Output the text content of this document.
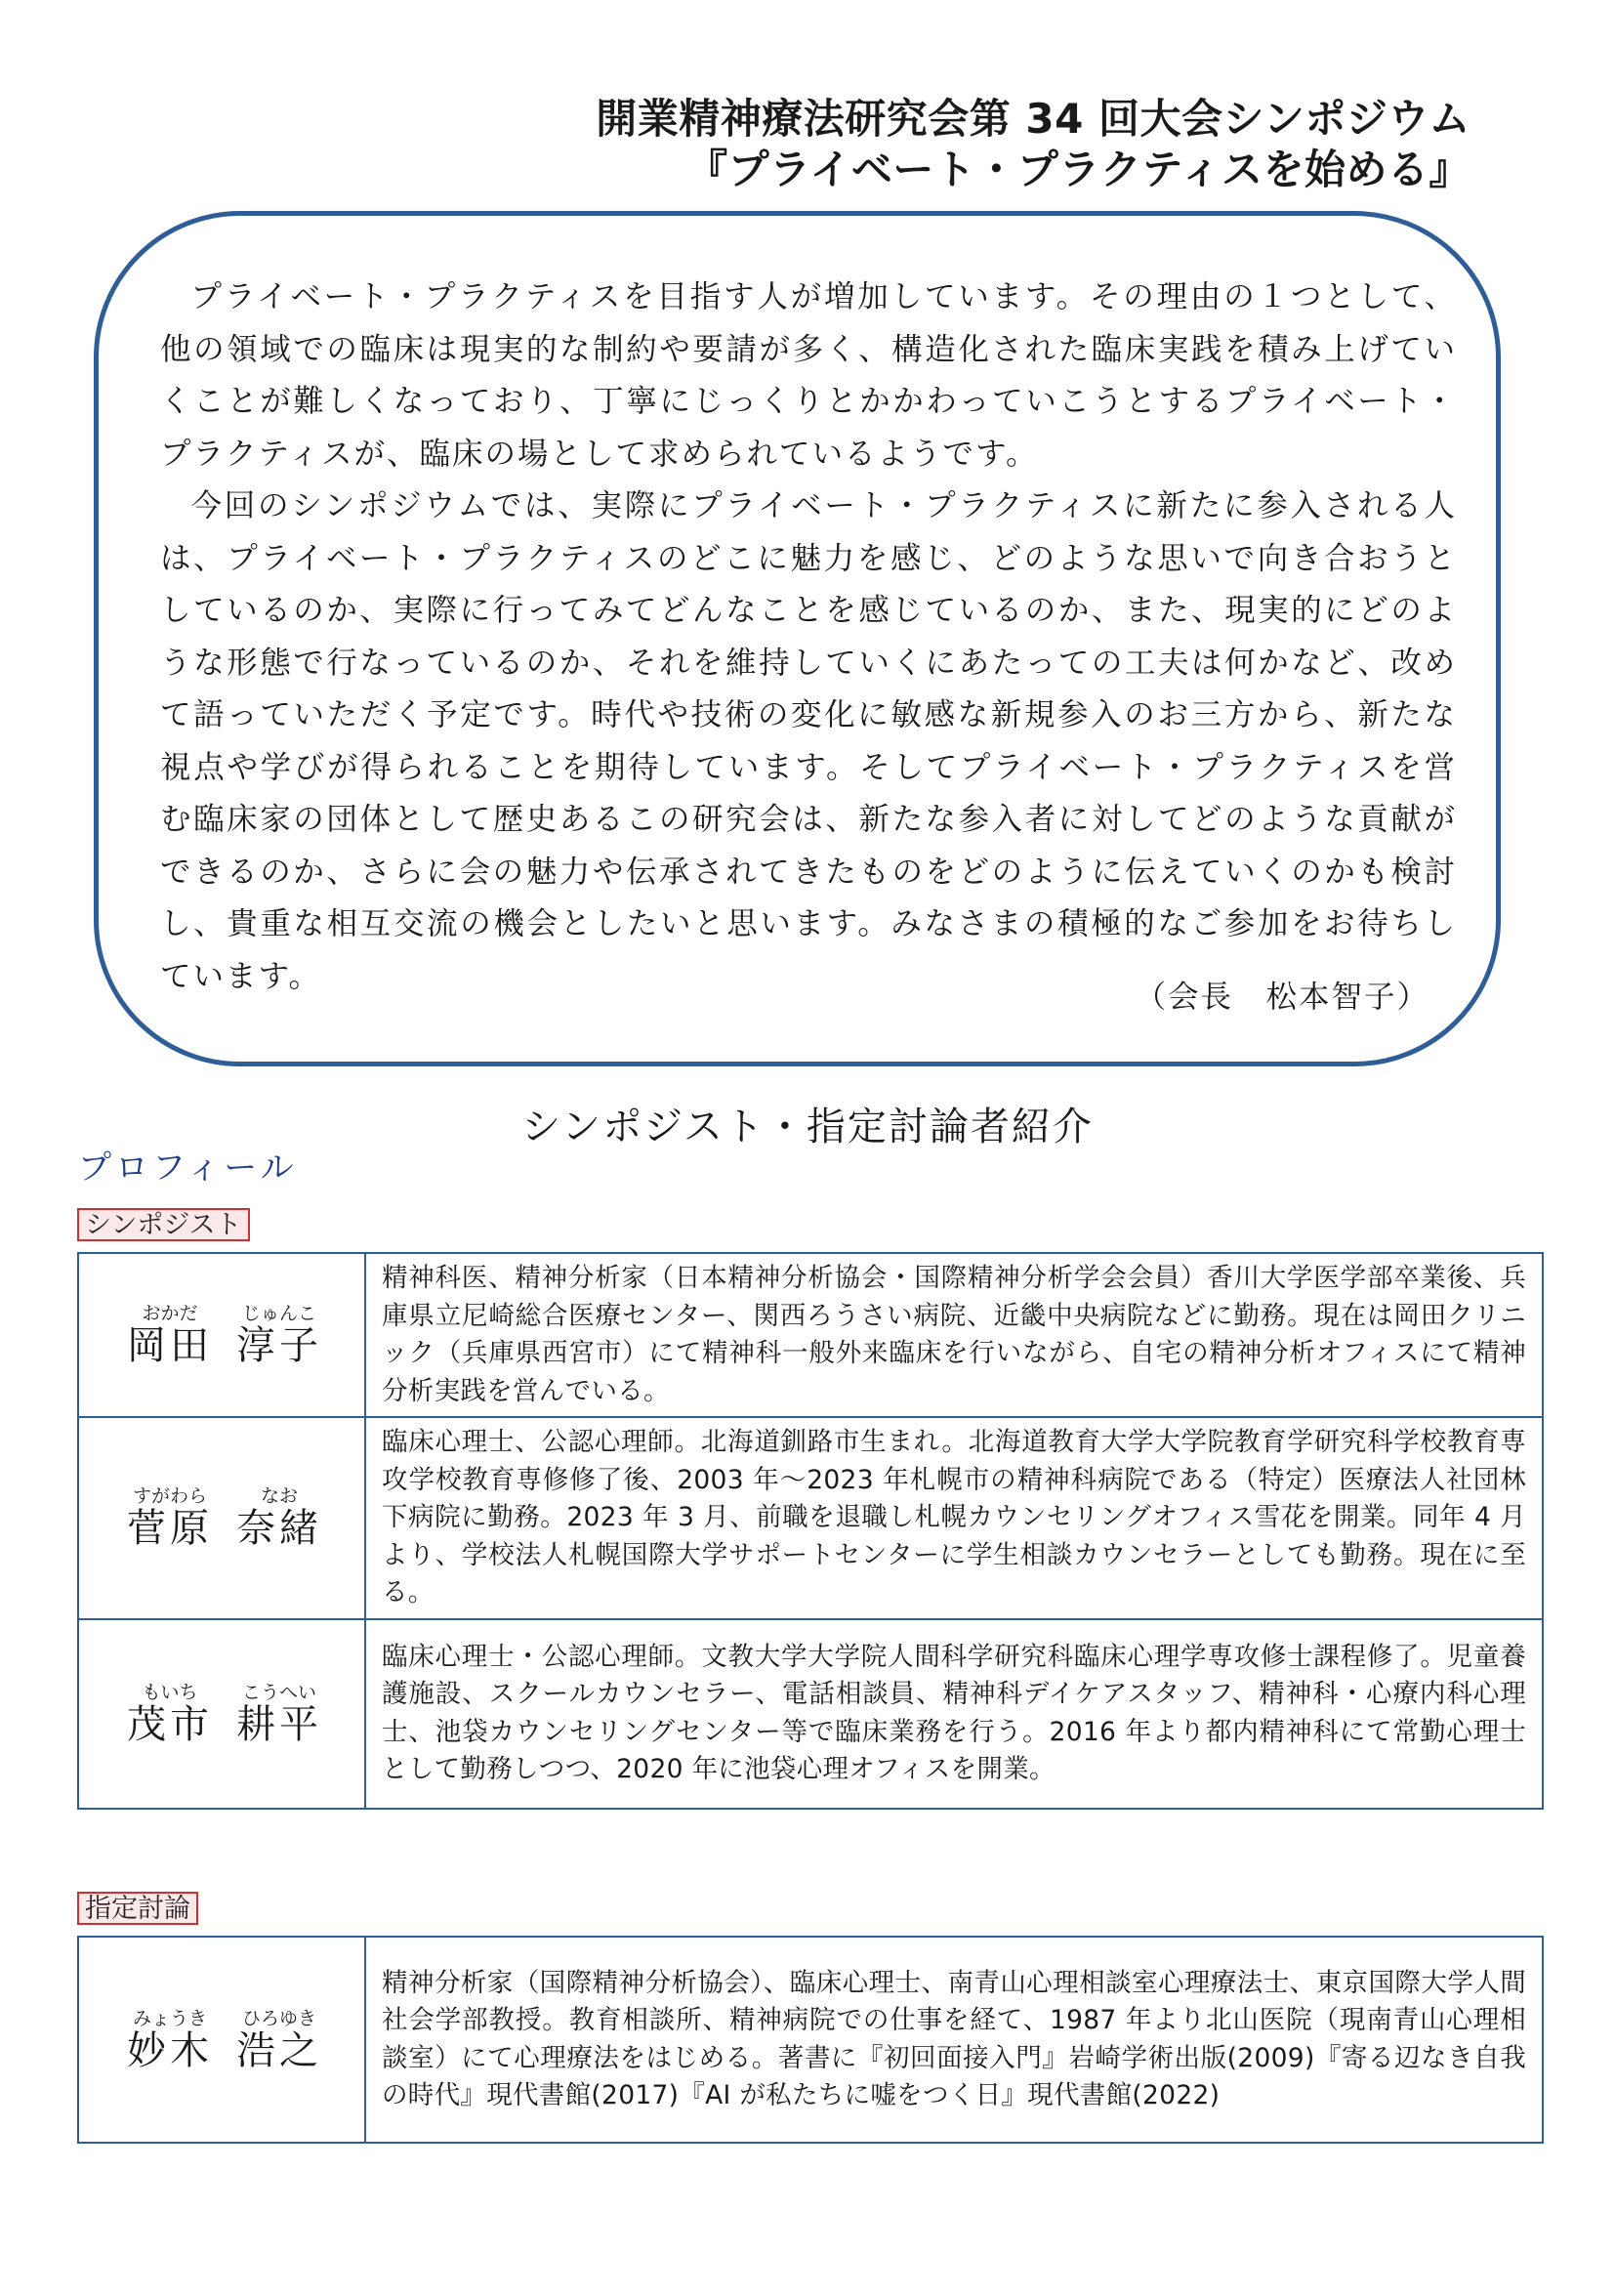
開業精神療法研究会第 34 回大会シンポジウム
『プライベート・プラクティスを始める』

プライベート・プラクティスを目指す人が増加しています。その理由の１つとして、他の領域での臨床は現実的な制約や要請が多く、構造化された臨床実践を積み上げていくことが難しくなっており、丁寧にじっくりとかかわっていこうとするプライベート・プラクティスが、臨床の場として求められているようです。

今回のシンポジウムでは、実際にプライベート・プラクティスに新たに参入される人は、プライベート・プラクティスのどこに魅力を感じ、どのような思いで向き合おうとしているのか、実際に行ってみてどんなことを感じているのか、また、現実的にどのような形態で行なっているのか、それを維持していくにあたっての工夫は何かなど、改めて語っていただく予定です。時代や技術の変化に敏感な新規参入のお三方から、新たな視点や学びが得られることを期待しています。そしてプライベート・プラクティスを営む臨床家の団体として歴史あるこの研究会は、新たな参入者に対してどのような貢献ができるのか、さらに会の魅力や伝承されてきたものをどのように伝えていくのかも検討し、貴重な相互交流の機会としたいと思います。みなさまの積極的なご参加をお待ちしています。

（会長　松本智子）
シンポジスト・指定討論者紹介
プロフィール
シンポジスト
おかだ じゅんこ
岡田 淳子	精神科医、精神分析家（日本精神分析協会・国際精神分析学会会員）香川大学医学部卒業後、兵庫県立尼崎総合医療センター、関西ろうさい病院、近畿中央病院などに勤務。現在は岡田クリニック（兵庫県西宮市）にて精神科一般外来臨床を行いながら、自宅の精神分析オフィスにて精神分析実践を営んでいる。

すがわら なお
菅原 奈緒	臨床心理士、公認心理師。北海道釧路市生まれ。北海道教育大学大学院教育学研究科学校教育専攻学校教育専修修了後、2003 年～2023 年札幌市の精神科病院である（特定）医療法人社団林下病院に勤務。2023 年 3 月、前職を退職し札幌カウンセリングオフィス雪花を開業。同年 4 月より、学校法人札幌国際大学サポートセンターに学生相談カウンセラーとしても勤務。現在に至る。

もいち こうへい
茂市 耕平	臨床心理士・公認心理師。文教大学大学院人間科学研究科臨床心理学専攻修士課程修了。児童養護施設、スクールカウンセラー、電話相談員、精神科デイケアスタッフ、精神科・心療内科心理士、池袋カウンセリングセンター等で臨床業務を行う。2016 年より都内精神科にて常勤心理士として勤務しつつ、2020 年に池袋心理オフィスを開業。
指定討論
みょうき ひろゆき
妙木 浩之
	精神分析家（国際精神分析協会）、臨床心理士、南青山心理相談室心理療法士、東京国際大学人間社会学部教授。教育相談所、精神病院での仕事を経て、1987 年より北山医院（現南青山心理相談室）にて心理療法をはじめる。著書に『初回面接入門』岩崎学術出版(2009)『寄る辺なき自我の時代』現代書館(2017)『AI が私たちに嘘をつく日』現代書館(2022)
